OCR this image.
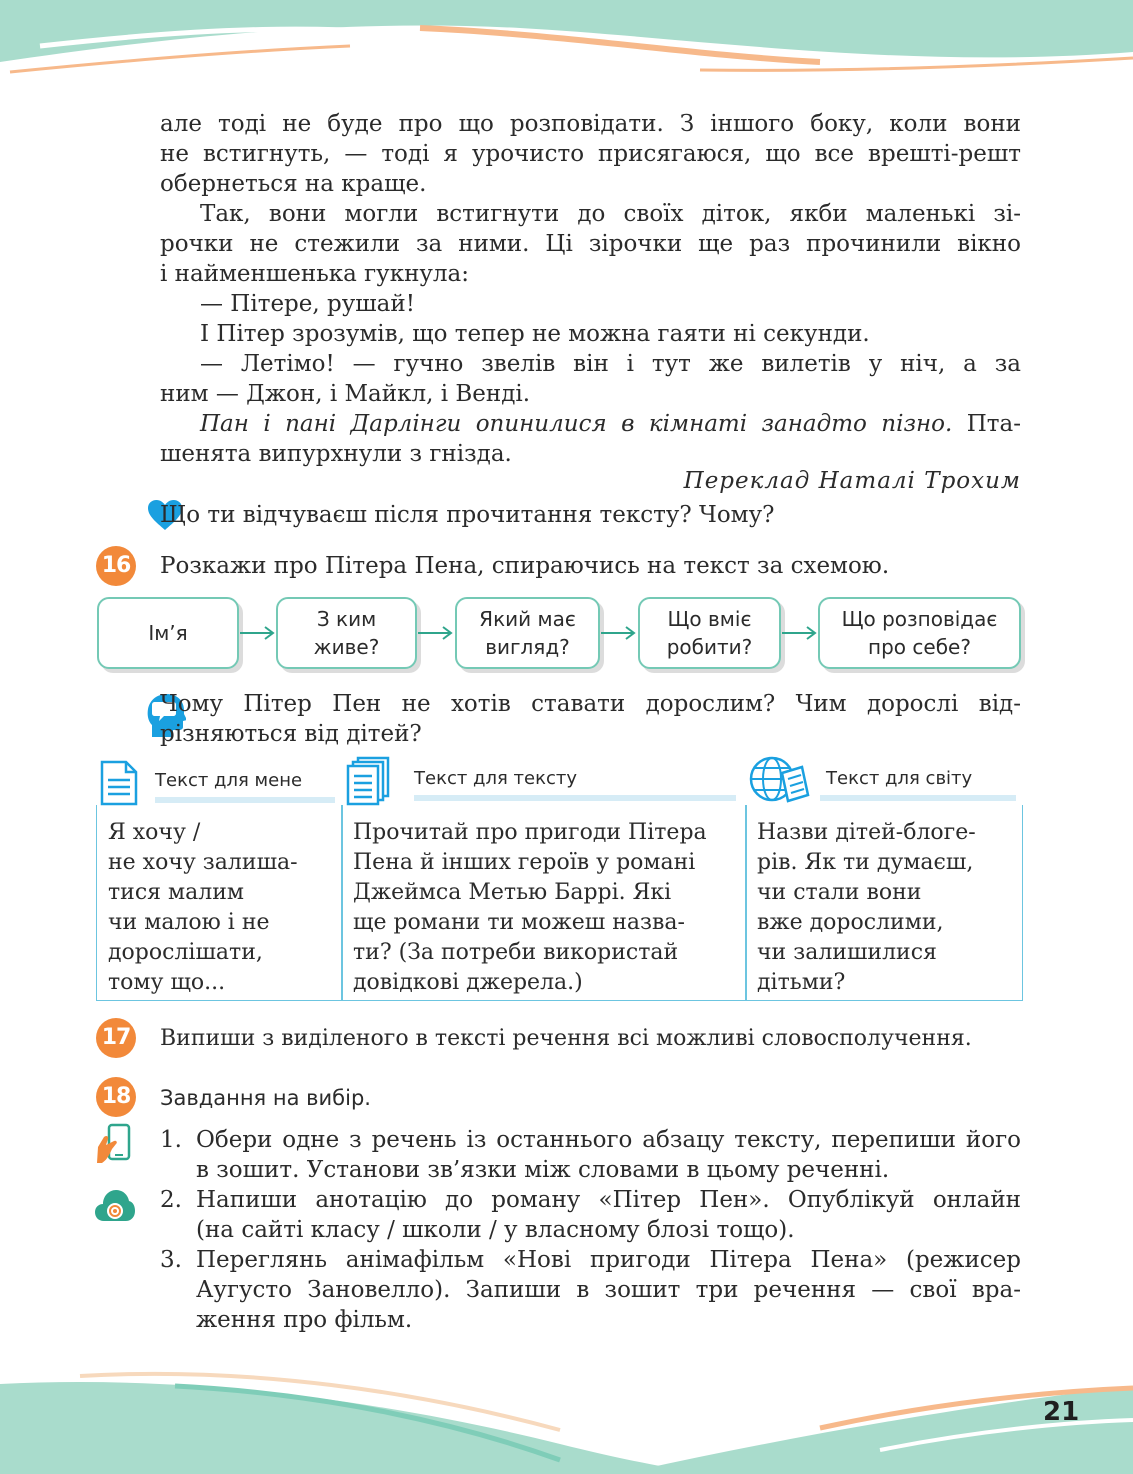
але тоді не буде про що розповідати. З іншого боку, коли вони

не встигнуть, — тоді я урочисто присягаюся, що все врешті-решт

обернеться на краще.

Так, вони могли встигнути до своїх діток, якби маленькі зі-

рочки не стежили за ними. Ці зірочки ще раз прочинили вікно

і найменшенька гукнула:

— Пітере, рушай!

І Пітер зрозумів, що тепер не можна гаяти ні секунди.

— Летімо! — гучно звелів він і тут же вилетів у ніч, а за

ним — Джон, і Майкл, і Венді.

Пан і пані Дарлінги опинилися в кімнаті занадто пізно. Пта-

шенята випурхнули з гнізда.

Переклад Наталі Трохим

Що ти відчуваєш після прочитання тексту? Чому?

16 Розкажи про Пітера Пена, спираючись на текст за схемою.

Ім’я
З ким
живе?
Який має
вигляд?
Що вміє
робити?
Що розповідає
про себе?

Чому Пітер Пен не хотів ставати дорослим? Чим дорослі від-

різняються від дітей?

Текст для мене	Текст для тексту	Текст для світу
Я хочу /
не хочу залиша-
тися малим
чи малою і не
дорослішати,
тому що...
Прочитай про пригоди Пітера
Пена й інших героїв у романі
Джеймса Метью Баррі. Які
ще романи ти можеш назва-
ти? (За потреби використай
довідкові джерела.)
Назви дітей-блоге-
рів. Як ти думаєш,
чи стали вони
вже дорослими,
чи залишилися
дітьми?
17 Випиши з виділеного в тексті речення всі можливі словосполучення.

18 Завдання на вибір.

1. Обери одне з речень із останнього абзацу тексту, перепиши його

в зошит. Установи зв’язки між словами в цьому реченні.

2. Напиши анотацію до роману «Пітер Пен». Опублікуй онлайн

(на сайті класу / школи / у власному блозі тощо).

3. Переглянь анімафільм «Нові пригоди Пітера Пена» (режисер

Аугусто Зановелло). Запиши в зошит три речення — свої вра-

ження про фільм.

21
